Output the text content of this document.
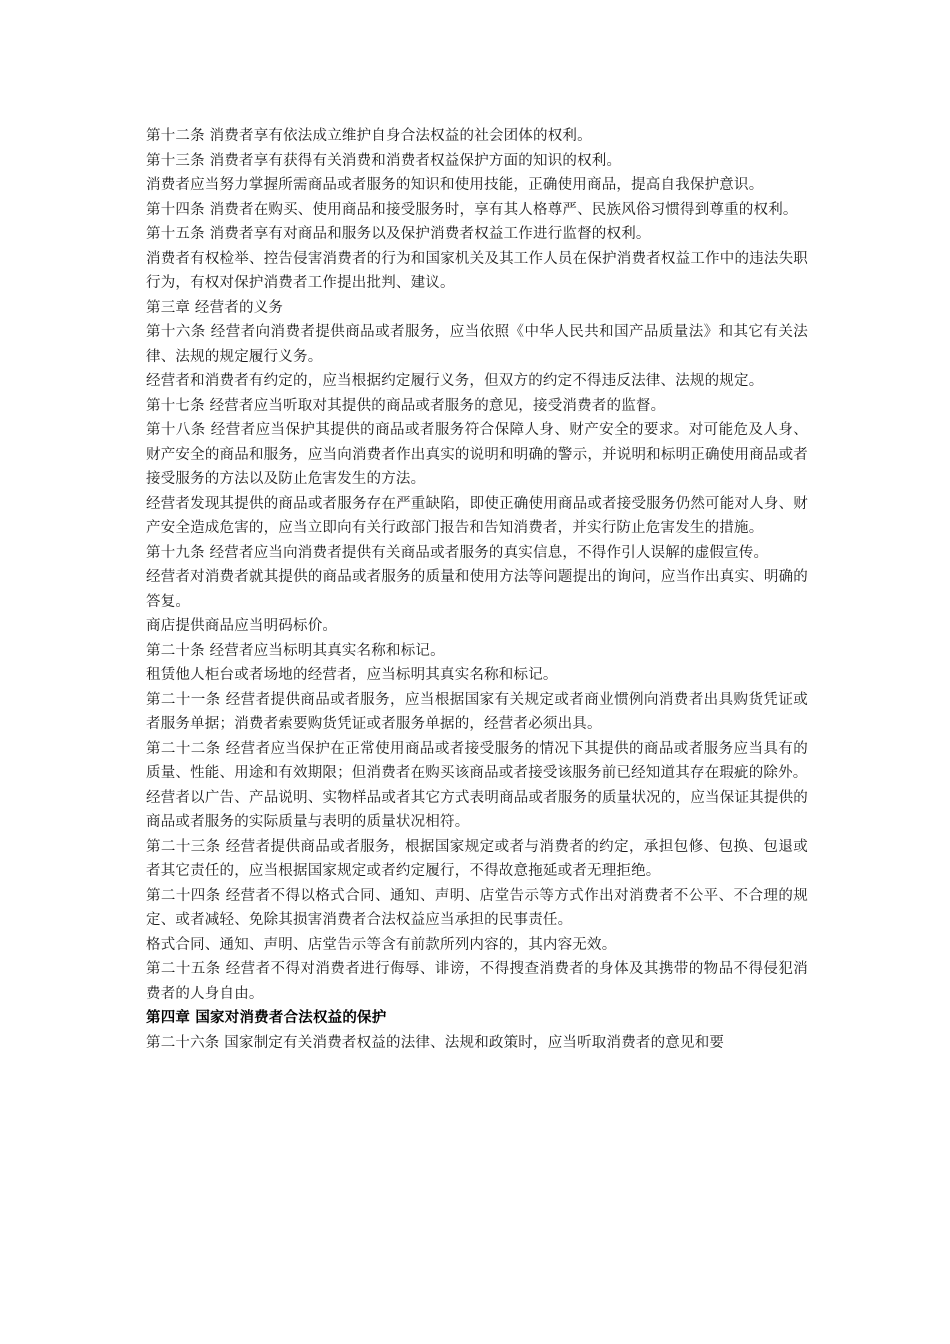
第十二条 消费者享有依法成立维护自身合法权益的社会团体的权利。

第十三条 消费者享有获得有关消费和消费者权益保护方面的知识的权利。

消费者应当努力掌握所需商品或者服务的知识和使用技能，正确使用商品，提高自我保护意识。

第十四条 消费者在购买、使用商品和接受服务时，享有其人格尊严、民族风俗习惯得到尊重的权利。

第十五条 消费者享有对商品和服务以及保护消费者权益工作进行监督的权利。

消费者有权检举、控告侵害消费者的行为和国家机关及其工作人员在保护消费者权益工作中的违法失职行为，有权对保护消费者工作提出批判、建议。

第三章 经营者的义务

第十六条 经营者向消费者提供商品或者服务，应当依照《中华人民共和国产品质量法》和其它有关法律、法规的规定履行义务。

经营者和消费者有约定的，应当根据约定履行义务，但双方的约定不得违反法律、法规的规定。

第十七条 经营者应当听取对其提供的商品或者服务的意见，接受消费者的监督。

第十八条 经营者应当保护其提供的商品或者服务符合保障人身、财产安全的要求。对可能危及人身、财产安全的商品和服务，应当向消费者作出真实的说明和明确的警示，并说明和标明正确使用商品或者接受服务的方法以及防止危害发生的方法。

经营者发现其提供的商品或者服务存在严重缺陷，即使正确使用商品或者接受服务仍然可能对人身、财产安全造成危害的，应当立即向有关行政部门报告和告知消费者，并实行防止危害发生的措施。

第十九条 经营者应当向消费者提供有关商品或者服务的真实信息，不得作引人误解的虚假宣传。

经营者对消费者就其提供的商品或者服务的质量和使用方法等问题提出的询问，应当作出真实、明确的答复。

商店提供商品应当明码标价。

第二十条 经营者应当标明其真实名称和标记。

租赁他人柜台或者场地的经营者，应当标明其真实名称和标记。

第二十一条 经营者提供商品或者服务，应当根据国家有关规定或者商业惯例向消费者出具购货凭证或者服务单据；消费者索要购货凭证或者服务单据的，经营者必须出具。

第二十二条 经营者应当保护在正常使用商品或者接受服务的情况下其提供的商品或者服务应当具有的质量、性能、用途和有效期限；但消费者在购买该商品或者接受该服务前已经知道其存在瑕疵的除外。

经营者以广告、产品说明、实物样品或者其它方式表明商品或者服务的质量状况的，应当保证其提供的商品或者服务的实际质量与表明的质量状况相符。

第二十三条 经营者提供商品或者服务，根据国家规定或者与消费者的约定，承担包修、包换、包退或者其它责任的，应当根据国家规定或者约定履行，不得故意拖延或者无理拒绝。

第二十四条 经营者不得以格式合同、通知、声明、店堂告示等方式作出对消费者不公平、不合理的规定、或者减轻、免除其损害消费者合法权益应当承担的民事责任。

格式合同、通知、声明、店堂告示等含有前款所列内容的，其内容无效。

第二十五条 经营者不得对消费者进行侮辱、诽谤，不得搜查消费者的身体及其携带的物品不得侵犯消费者的人身自由。

第四章 国家对消费者合法权益的保护

第二十六条 国家制定有关消费者权益的法律、法规和政策时，应当听取消费者的意见和要
